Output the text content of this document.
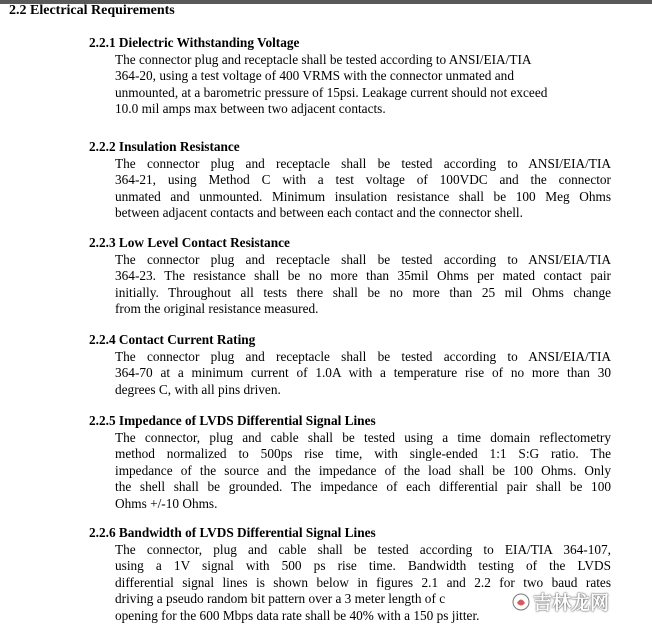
2.2 Electrical Requirements
2.2.1 Dielectric Withstanding Voltage

The connector plug and receptacle shall be tested according to ANSI/EIA/TIA
364-20, using a test voltage of 400 VRMS with the connector unmated and
unmounted, at a barometric pressure of 15psi. Leakage current should not exceed
10.0 mil amps max between two adjacent contacts.

2.2.2 Insulation Resistance

The connector plug and receptacle shall be tested according to ANSI/EIA/TIA
364-21, using Method C with a test voltage of 100VDC and the connector
unmated and unmounted. Minimum insulation resistance shall be 100 Meg Ohms
between adjacent contacts and between each contact and the connector shell.

2.2.3 Low Level Contact Resistance

The connector plug and receptacle shall be tested according to ANSI/EIA/TIA
364-23. The resistance shall be no more than 35mil Ohms per mated contact pair
initially. Throughout all tests there shall be no more than 25 mil Ohms change
from the original resistance measured.

2.2.4 Contact Current Rating

The connector plug and receptacle shall be tested according to ANSI/EIA/TIA
364-70 at a minimum current of 1.0A with a temperature rise of no more than 30
degrees C, with all pins driven.

2.2.5 Impedance of LVDS Differential Signal Lines

The connector, plug and cable shall be tested using a time domain reflectometry
method normalized to 500ps rise time, with single-ended 1:1 S:G ratio. The
impedance of the source and the impedance of the load shall be 100 Ohms. Only
the shell shall be grounded. The impedance of each differential pair shall be 100
Ohms +/-10 Ohms.

2.2.6 Bandwidth of LVDS Differential Signal Lines

The connector, plug and cable shall be tested according to EIA/TIA 364-107,
using a 1V signal with 500 ps rise time. Bandwidth testing of the LVDS
differential signal lines is shown below in figures 2.1 and 2.2 for two baud rates
driving a pseudo random bit pattern over a 3 meter length of c
opening for the 600 Mbps data rate shall be 40% with a 150 ps jitter.

吉林龙网
